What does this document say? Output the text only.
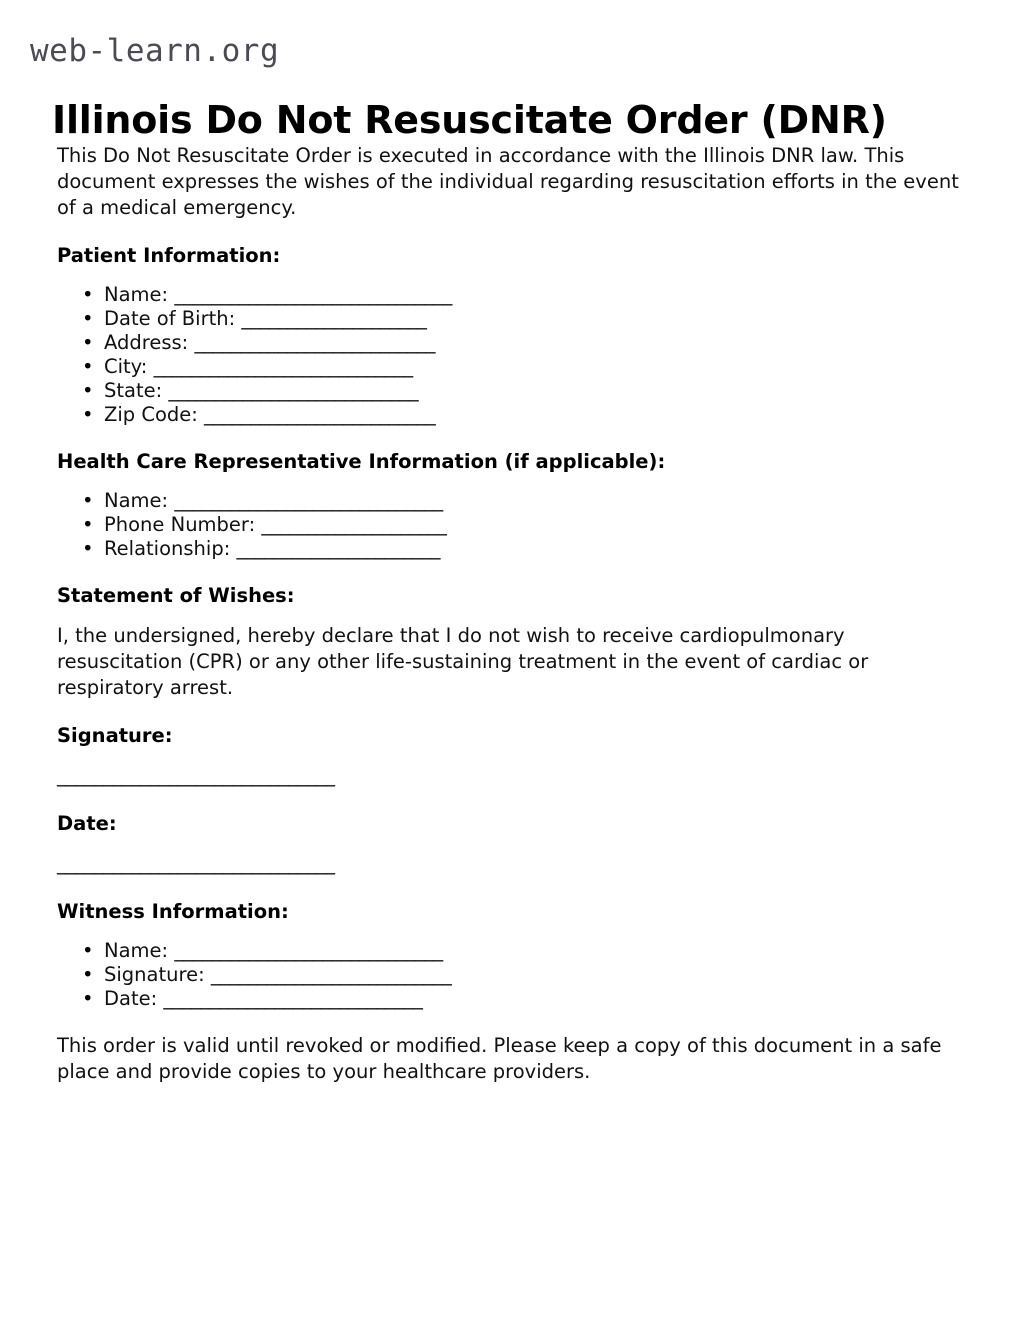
web-learn.org
Illinois Do Not Resuscitate Order (DNR)

This Do Not Resuscitate Order is executed in accordance with the Illinois DNR law. This document expresses the wishes of the individual regarding resuscitation efforts in the event of a medical emergency.

Patient Information:
• Name: ______________________________
• Date of Birth: ____________________
• Address: __________________________
• City: ____________________________
• State: ___________________________
• Zip Code: _________________________
Health Care Representative Information (if applicable):
• Name: _____________________________
• Phone Number: ____________________
• Relationship: ______________________
Statement of Wishes:

I, the undersigned, hereby declare that I do not wish to receive cardiopulmonary resuscitation (CPR) or any other life-sustaining treatment in the event of cardiac or respiratory arrest.

Signature:
______________________________
Date:
______________________________
Witness Information:
• Name: _____________________________
• Signature: __________________________
• Date: ____________________________

This order is valid until revoked or modified. Please keep a copy of this document in a safe place and provide copies to your healthcare providers.
